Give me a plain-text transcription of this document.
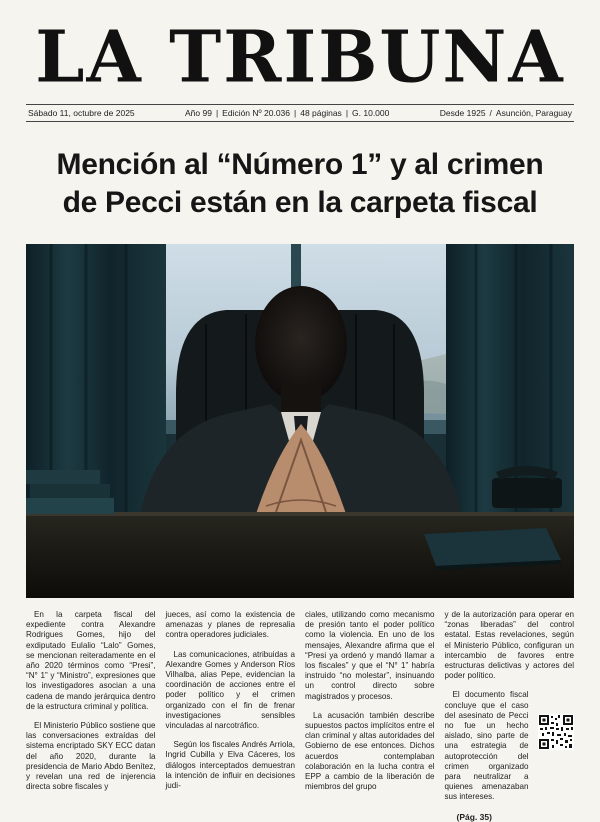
LA TRIBUNA
Sábado 11, octubre de 2025	Año 99 | Edición Nº 20.036 | 48 páginas | G. 10.000	Desde 1925 / Asunción, Paraguay
Mención al “Número 1” y al crimen
de Pecci están en la carpeta fiscal

En la carpeta fiscal del expediente contra Alexandre Rodrigues Gomes, hijo del exdiputado Eulalio “Lalo” Gomes, se mencionan reiteradamente en el año 2020 términos como “Presi”, “N° 1” y “Ministro”, expresiones que los investigadores asocian a una cadena de mando jerárquica dentro de la estructura criminal y política.

El Ministerio Público sostiene que las conversaciones extraídas del sistema encriptado SKY ECC datan del año 2020, durante la presidencia de Mario Abdo Benítez, y revelan una red de injerencia directa sobre fiscales y

jueces, así como la existencia de amenazas y planes de represalia contra operadores judiciales.

Las comunicaciones, atribuidas a Alexandre Gomes y Anderson Ríos Vilhalba, alias Pepe, evidencian la coordinación de acciones entre el poder político y el crimen organizado con el fin de frenar investigaciones sensibles vinculadas al narcotráfico.

Según los fiscales Andrés Arriola, Ingrid Cubilla y Elva Cáceres, los diálogos interceptados demuestran la intención de influir en decisiones judi-

ciales, utilizando como mecanismo de presión tanto el poder político como la violencia. En uno de los mensajes, Alexandre afirma que el “Presi ya ordenó y mandó llamar a los fiscales” y que el “N° 1” habría instruido “no molestar”, insinuando un control directo sobre magistrados y procesos.

La acusación también describe supuestos pactos implícitos entre el clan criminal y altas autoridades del Gobierno de ese entonces. Dichos acuerdos contemplaban colaboración en la lucha contra el EPP a cambio de la liberación de miembros del grupo

y de la autorización para operar en “zonas liberadas” del control estatal. Estas revelaciones, según el Ministerio Público, configuran un intercambio de favores entre estructuras delictivas y actores del poder político.

El documento fiscal concluye que el caso del asesinato de Pecci no fue un hecho aislado, sino parte de una estrategia de autoprotección del crimen organizado para neutralizar a quienes amenazaban sus intereses.

(Pág. 35)
